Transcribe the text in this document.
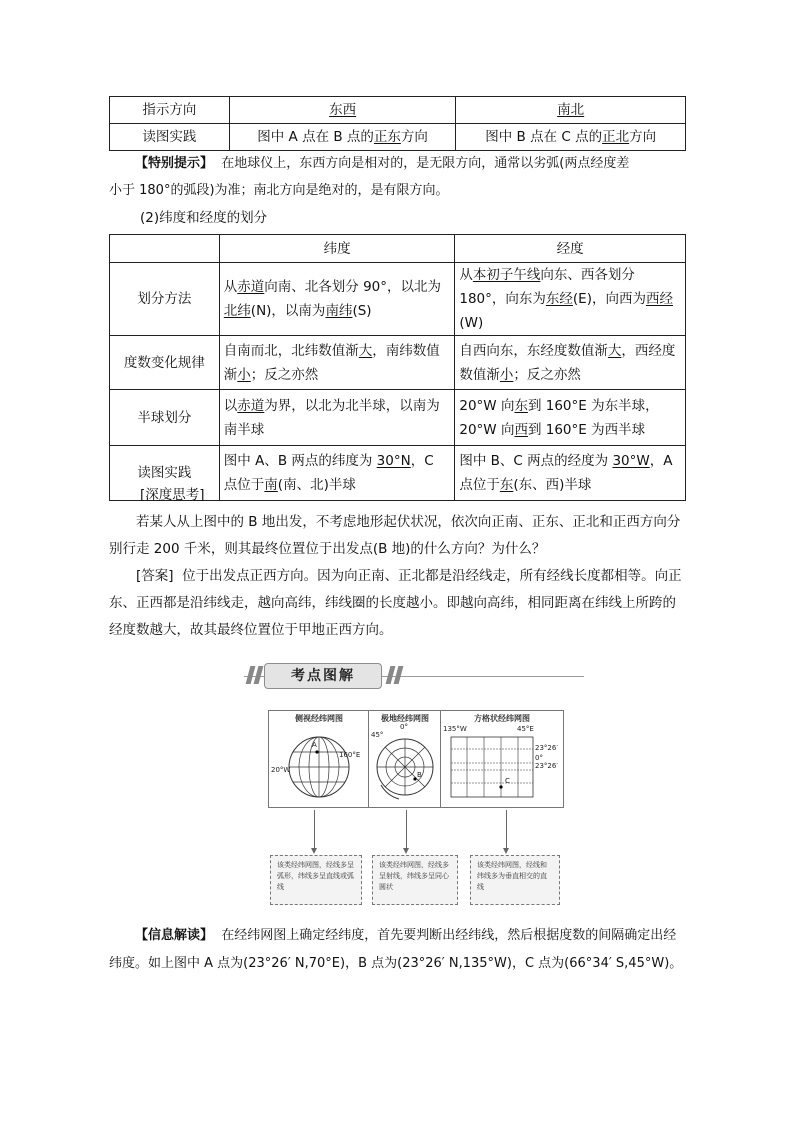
指示方向	东西	南北
读图实践	图中 A 点在 B 点的正东方向	图中 B 点在 C 点的正北方向
【特别提示】 在地球仪上，东西方向是相对的，是无限方向，通常以劣弧(两点经度差
小于 180°的弧段)为准；南北方向是绝对的，是有限方向。
(2)纬度和经度的划分
	纬度	经度
划分方法	从赤道向南、北各划分 90°，以北为北纬(N)，以南为南纬(S)	从本初子午线向东、西各划分 180°，向东为东经(E)，向西为西经(W)
度数变化规律	自南而北，北纬数值渐大，南纬数值渐小；反之亦然	自西向东，东经度数值渐大，西经度数值渐小；反之亦然
半球划分	以赤道为界，以北为北半球，以南为南半球	20°W 向东到 160°E 为东半球，20°W 向西到 160°E 为西半球
读图实践	图中 A、B 两点的纬度为 30°N，C 点位于南(南、北)半球	图中 B、C 两点的经度为 30°W，A 点位于东(东、西)半球
[深度思考]

若某人从上图中的 B 地出发，不考虑地形起伏状况，依次向正南、正东、正北和正西方向分别行走 200 千米，则其最终位置位于出发点(B 地)的什么方向？为什么？

[答案] 位于出发点正西方向。因为向正南、正北都是沿经线走，所有经线长度都相等。向正东、正西都是沿纬线走，越向高纬，纬线圈的长度越小。即越向高纬，相同距离在纬线上所跨的经度数越大，故其最终位置位于甲地正西方向。

考点图解
侧视经纬网图
A
160°E
20°W
极地经纬网图
0°
45°
B
方格状经纬网图
135°W	45°E
23°26′
0°
23°26′
C
该类经纬网图，经线多呈弧形，纬线多呈直线或弧线
该类经纬网图，经线多呈射线，纬线多呈同心圆状
该类经纬网图，经线和纬线多为垂直相交的直线

【信息解读】 在经纬网图上确定经纬度，首先要判断出经纬线，然后根据度数的间隔确定出经纬度。如上图中 A 点为(23°26′ N,70°E)，B 点为(23°26′ N,135°W)，C 点为(66°34′ S,45°W)。
